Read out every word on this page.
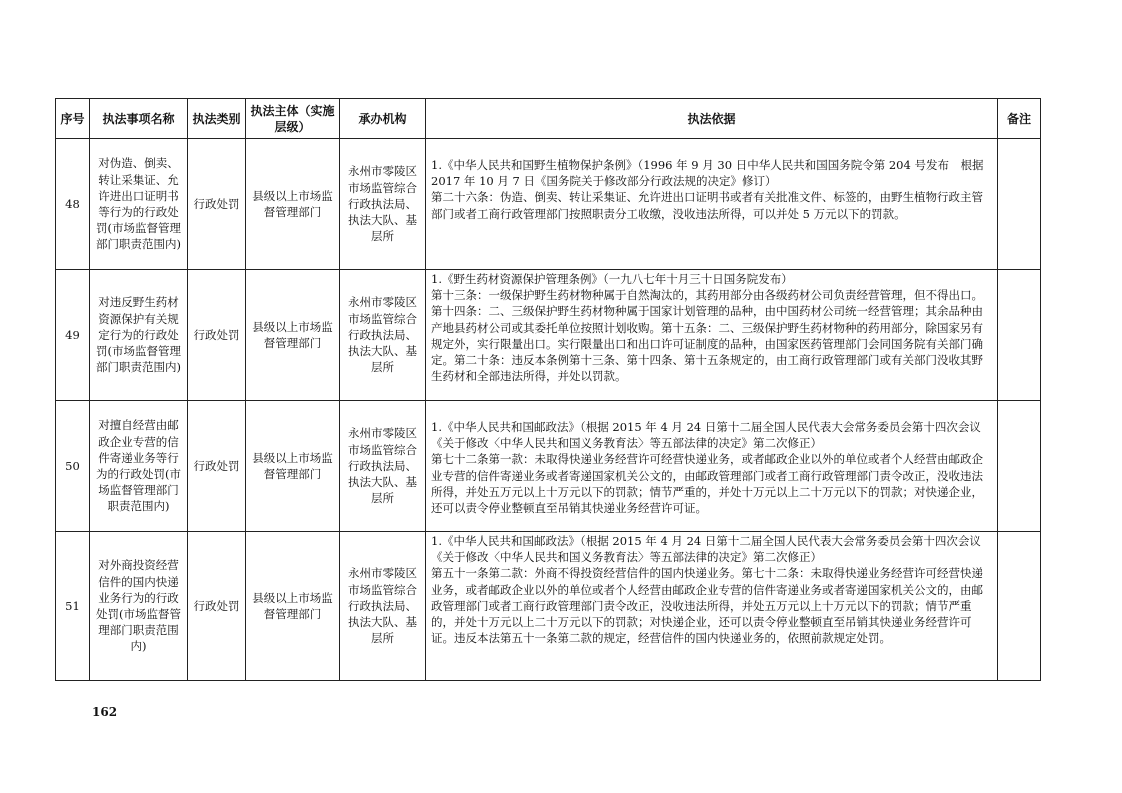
序号	执法事项名称	执法类别	执法主体（实施层级）	承办机构	执法依据	备注
48	对伪造、倒卖、转让采集证、允许进出口证明书等行为的行政处罚(市场监督管理部门职责范围内)	行政处罚	县级以上市场监督管理部门	永州市零陵区市场监管综合行政执法局、执法大队、基层所	1.《中华人民共和国野生植物保护条例》（1996 年 9 月 30 日中华人民共和国国务院令第 204 号发布　根据 2017 年 10 月 7 日《国务院关于修改部分行政法规的决定》修订）
第二十六条：伪造、倒卖、转让采集证、允许进出口证明书或者有关批准文件、标签的，由野生植物行政主管部门或者工商行政管理部门按照职责分工收缴，没收违法所得，可以并处 5 万元以下的罚款。	
49	对违反野生药材资源保护有关规定行为的行政处罚(市场监督管理部门职责范围内)	行政处罚	县级以上市场监督管理部门	永州市零陵区市场监管综合行政执法局、执法大队、基层所	1.《野生药材资源保护管理条例》（一九八七年十月三十日国务院发布）
第十三条：一级保护野生药材物种属于自然淘汰的，其药用部分由各级药材公司负责经营管理，但不得出口。第十四条：二、三级保护野生药材物种属于国家计划管理的品种，由中国药材公司统一经营管理；其余品种由产地县药材公司或其委托单位按照计划收购。第十五条：二、三级保护野生药材物种的药用部分，除国家另有规定外，实行限量出口。实行限量出口和出口许可证制度的品种，由国家医药管理部门会同国务院有关部门确定。第二十条：违反本条例第十三条、第十四条、第十五条规定的，由工商行政管理部门或有关部门没收其野生药材和全部违法所得，并处以罚款。	
50	对擅自经营由邮政企业专营的信件寄递业务等行为的行政处罚(市场监督管理部门职责范围内)	行政处罚	县级以上市场监督管理部门	永州市零陵区市场监管综合行政执法局、执法大队、基层所	1.《中华人民共和国邮政法》（根据 2015 年 4 月 24 日第十二届全国人民代表大会常务委员会第十四次会议《关于修改〈中华人民共和国义务教育法〉等五部法律的决定》第二次修正）
第七十二条第一款：未取得快递业务经营许可经营快递业务，或者邮政企业以外的单位或者个人经营由邮政企业专营的信件寄递业务或者寄递国家机关公文的，由邮政管理部门或者工商行政管理部门责令改正，没收违法所得，并处五万元以上十万元以下的罚款；情节严重的，并处十万元以上二十万元以下的罚款；对快递企业，还可以责令停业整顿直至吊销其快递业务经营许可证。	
51	对外商投资经营信件的国内快递业务行为的行政处罚(市场监督管理部门职责范围内)	行政处罚	县级以上市场监督管理部门	永州市零陵区市场监管综合行政执法局、执法大队、基层所	1.《中华人民共和国邮政法》（根据 2015 年 4 月 24 日第十二届全国人民代表大会常务委员会第十四次会议《关于修改〈中华人民共和国义务教育法〉等五部法律的决定》第二次修正）
第五十一条第二款：外商不得投资经营信件的国内快递业务。第七十二条：未取得快递业务经营许可经营快递业务，或者邮政企业以外的单位或者个人经营由邮政企业专营的信件寄递业务或者寄递国家机关公文的，由邮政管理部门或者工商行政管理部门责令改正，没收违法所得，并处五万元以上十万元以下的罚款；情节严重的，并处十万元以上二十万元以下的罚款；对快递企业，还可以责令停业整顿直至吊销其快递业务经营许可证。违反本法第五十一条第二款的规定，经营信件的国内快递业务的，依照前款规定处罚。	
162
